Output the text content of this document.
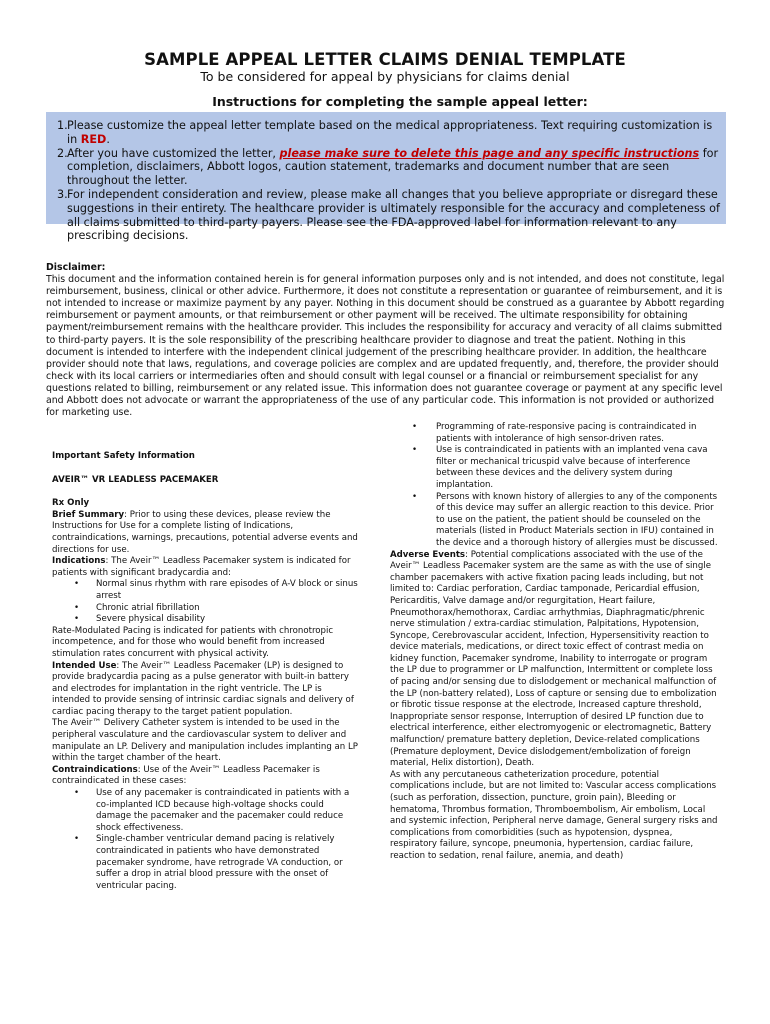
SAMPLE APPEAL LETTER CLAIMS DENIAL TEMPLATE
To be considered for appeal by physicians for claims denial
Instructions for completing the sample appeal letter:
1. Please customize the appeal letter template based on the medical appropriateness. Text requiring customization is in RED.
2. After you have customized the letter, please make sure to delete this page and any specific instructions for completion, disclaimers, Abbott logos, caution statement, trademarks and document number that are seen throughout the letter.
3. For independent consideration and review, please make all changes that you believe appropriate or disregard these suggestions in their entirety. The healthcare provider is ultimately responsible for the accuracy and completeness of all claims submitted to third-party payers. Please see the FDA-approved label for information relevant to any prescribing decisions.
Disclaimer:
This document and the information contained herein is for general information purposes only and is not intended, and does not constitute, legal reimbursement, business, clinical or other advice. Furthermore, it does not constitute a representation or guarantee of reimbursement, and it is not intended to increase or maximize payment by any payer. Nothing in this document should be construed as a guarantee by Abbott regarding reimbursement or payment amounts, or that reimbursement or other payment will be received. The ultimate responsibility for obtaining payment/reimbursement remains with the healthcare provider. This includes the responsibility for accuracy and veracity of all claims submitted to third-party payers. It is the sole responsibility of the prescribing healthcare provider to diagnose and treat the patient. Nothing in this document is intended to interfere with the independent clinical judgement of the prescribing healthcare provider. In addition, the healthcare provider should note that laws, regulations, and coverage policies are complex and are updated frequently, and, therefore, the provider should check with its local carriers or intermediaries often and should consult with legal counsel or a financial or reimbursement specialist for any questions related to billing, reimbursement or any related issue. This information does not guarantee coverage or payment at any specific level and Abbott does not advocate or warrant the appropriateness of the use of any particular code. This information is not provided or authorized for marketing use.
Important Safety Information
AVEIR™ VR LEADLESS PACEMAKER
Rx Only
Brief Summary: Prior to using these devices, please review the Instructions for Use for a complete listing of Indications, contraindications, warnings, precautions, potential adverse events and directions for use.
Indications: The Aveir™ Leadless Pacemaker system is indicated for patients with significant bradycardia and:
• Normal sinus rhythm with rare episodes of A-V block or sinus arrest
• Chronic atrial fibrillation
• Severe physical disability
Rate-Modulated Pacing is indicated for patients with chronotropic incompetence, and for those who would benefit from increased stimulation rates concurrent with physical activity.
Intended Use: The Aveir™ Leadless Pacemaker (LP) is designed to provide bradycardia pacing as a pulse generator with built-in battery and electrodes for implantation in the right ventricle. The LP is intended to provide sensing of intrinsic cardiac signals and delivery of cardiac pacing therapy to the target patient population.
The Aveir™ Delivery Catheter system is intended to be used in the peripheral vasculature and the cardiovascular system to deliver and manipulate an LP. Delivery and manipulation includes implanting an LP within the target chamber of the heart.
Contraindications: Use of the Aveir™ Leadless Pacemaker is contraindicated in these cases:
• Use of any pacemaker is contraindicated in patients with a co-implanted ICD because high-voltage shocks could damage the pacemaker and the pacemaker could reduce shock effectiveness.
• Single-chamber ventricular demand pacing is relatively contraindicated in patients who have demonstrated pacemaker syndrome, have retrograde VA conduction, or suffer a drop in atrial blood pressure with the onset of ventricular pacing.
• Programming of rate-responsive pacing is contraindicated in patients with intolerance of high sensor-driven rates.
• Use is contraindicated in patients with an implanted vena cava filter or mechanical tricuspid valve because of interference between these devices and the delivery system during implantation.
• Persons with known history of allergies to any of the components of this device may suffer an allergic reaction to this device. Prior to use on the patient, the patient should be counseled on the materials (listed in Product Materials section in IFU) contained in the device and a thorough history of allergies must be discussed.
Adverse Events: Potential complications associated with the use of the Aveir™ Leadless Pacemaker system are the same as with the use of single chamber pacemakers with active fixation pacing leads including, but not limited to: Cardiac perforation, Cardiac tamponade, Pericardial effusion, Pericarditis, Valve damage and/or regurgitation, Heart failure, Pneumothorax/hemothorax, Cardiac arrhythmias, Diaphragmatic/phrenic nerve stimulation / extra-cardiac stimulation, Palpitations, Hypotension, Syncope, Cerebrovascular accident, Infection, Hypersensitivity reaction to device materials, medications, or direct toxic effect of contrast media on kidney function, Pacemaker syndrome, Inability to interrogate or program the LP due to programmer or LP malfunction, Intermittent or complete loss of pacing and/or sensing due to dislodgement or mechanical malfunction of the LP (non-battery related), Loss of capture or sensing due to embolization or fibrotic tissue response at the electrode, Increased capture threshold, Inappropriate sensor response, Interruption of desired LP function due to electrical interference, either electromyogenic or electromagnetic, Battery malfunction/ premature battery depletion, Device-related complications (Premature deployment, Device dislodgement/embolization of foreign material, Helix distortion), Death.
As with any percutaneous catheterization procedure, potential complications include, but are not limited to: Vascular access complications (such as perforation, dissection, puncture, groin pain), Bleeding or hematoma, Thrombus formation, Thromboembolism, Air embolism, Local and systemic infection, Peripheral nerve damage, General surgery risks and complications from comorbidities (such as hypotension, dyspnea, respiratory failure, syncope, pneumonia, hypertension, cardiac failure, reaction to sedation, renal failure, anemia, and death)
